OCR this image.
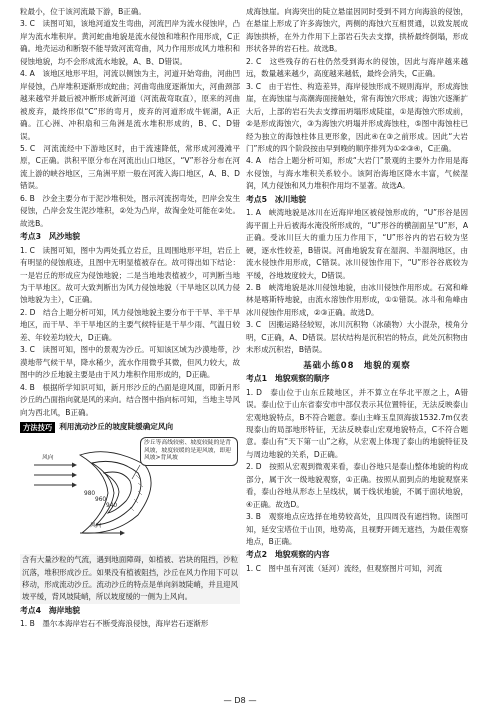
粒最小，位于该河流最下游，B正确。

3. C　读图可知，该地河道发生弯曲，河流凹岸为流水侵蚀岸，凸岸为流水堆积岸。黄河蛇曲地貌是流水侵蚀和堆积作用形成，C正确。地壳运动和断裂不能导致河流弯曲，风力作用形成风力堆积和侵蚀地貌，均不会形成流水地貌，A、B、D错误。

4. A　该地区地形平坦，河流以侧蚀为主，河道开始弯曲，河曲凹岸侵蚀，凸岸堆积逐渐形成蛇曲；河曲弯曲度逐渐加大，河曲颈部越来越窄并最后被冲断形成新河道（河流裁弯取直），原来的河曲被废弃，最终形似“C”形的弯月，废弃的河道形成牛轭湖，A正确。江心洲、冲积扇和三角洲是流水堆积形成的，B、C、D错误。

5. C　河流流经中下游地区时，由于流速降低，常形成河漫滩平原，C正确。洪积平原分布在河流出山口地区，“V”形谷分布在河流上游的峡谷地区，三角洲平原一般在河流入海口地区，A、B、D错误。

6. B　沙金主要分布于泥沙堆积处，图示河流拐弯处，凹岸会发生侵蚀，凸岸会发生泥沙堆积，②处为凸岸，故淘金处可能在②处。故选B。

考点3　风沙地貌

1. C　读图可知，图中为两处孤立岩丘，且周围地形平坦，岩丘上有明显的侵蚀痕迹，且图中无明显植被存在。故可得出如下结论：一是岩丘的形成应为侵蚀地貌；二是当地地表植被少，可判断当地为干旱地区。故可大致判断出为风力侵蚀地貌（干旱地区以风力侵蚀地貌为主），C正确。

2. D　结合上题分析可知，风力侵蚀地貌主要分布于干旱、半干旱地区，而干旱、半干旱地区的主要气候特征是干旱少雨、气温日较差、年较差均较大，D正确。

3. C　读图可知，图中的景观为沙丘。可知该区域为沙漠地带，沙漠地带气候干旱，降水稀少，流水作用微乎其微，但风力较大，故图中的沙丘地貌主要是由于风力堆积作用形成的，D正确。

4. B　根据所学知识可知，新月形沙丘的凸面是迎风面，即新月形沙丘的凸面指向就是风的来向。结合图中指向标可知，当地主导风向为西北风，B正确。

方法技巧 利用流动沙丘的坡度陡缓确定风向
沙丘等高线较密、坡度较陡的是背风坡，坡度较缓的是迎风坡，即迎风坡>背风坡
风向
风向
980
960
940

含有大量沙粒的气流，遇到地面障碍，如植被、岩块的阻挡，沙粒沉落，堆积形成沙丘。如果没有植被阻挡，沙丘在风力作用下可以移动，形成流动沙丘。流动沙丘的特点是单向斜坡陡峭，并且迎风坡平缓，背风坡陡峭，所以坡度缓的一侧为上风向。

考点4　海岸地貌

1. B　墨尔本海岸岩石不断受海浪侵蚀，海岸岩石逐渐形

成海蚀崖。向海突出的陡立悬崖因同时受到不同方向海浪的侵蚀，在悬崖上形成了许多海蚀穴，两侧的海蚀穴互相贯通，以致发展成海蚀拱桥，在外力作用下上部岩石失去支撑，拱桥最终倒塌，形成形状各异的岩石柱。故选B。

2. C　这些残存的石柱仍然受到海水的侵蚀，因此与海岸越来越远，数量越来越少，高度越来越低，最终会消失，C正确。

3. C　由于岩性、构造差异，海岸侵蚀形成不规则海岸，形成海蚀崖，在海蚀崖与高潮海面接触处，常有海蚀穴形成；海蚀穴逐渐扩大后，上部的岩石失去支撑而坍塌形成陡崖，①是海蚀穴形成前，②是形成海蚀穴，③为海蚀穴坍塌并形成海蚀柱，⑤图中海蚀柱已经为独立的海蚀柱体且更形象，因此④在③之前形成。因此“大岩门”形成的四个阶段按由早到晚的顺序排列为①②③④，C正确。

4. A　结合上题分析可知，形成“大岩门”景观的主要外力作用是海水侵蚀，与海水堆积关系较小。该阿治海地区降水丰富，气候湿润，风力侵蚀和风力堆积作用均不显著。故选A。

考点5　冰川地貌

1. A　峡湾地貌是冰川在近海岸地区被侵蚀形成的，“U”形谷是因海平面上升后被海水淹没所形成的，“U”形谷的横剖面呈“U”形，A正确。受冰川巨大的重力压力作用下，“U”形谷内的岩石较为坚硬，逐水性较差，B错误。河曲地貌发育在湿润、半湿润地区，由流水侵蚀作用形成，C错误。冰川侵蚀作用下，“U”形谷谷底较为平缓，谷地坡度较大，D错误。

2. B　峡湾地貌是冰川侵蚀地貌，由冰川侵蚀作用形成。石窝和峰林是喀斯特地貌，由流水溶蚀作用形成，①①错误。冰斗和角峰由冰川侵蚀作用形成，②③正确。故选D。

3. C　因搬运路径较短，冰川沉积物（冰碛物）大小混杂，棱角分明，C正确，A、D错误。层状结构是沉积岩的特点，此处沉积物由未形成沉积岩，B错误。

基础小练08　地貌的观察
考点1　地貌观察的顺序

1. D　泰山位于山东丘陵地区，并不算立在华北平原之上，A错误。泰山位于山东省泰安市中部仅表示其位置特征，无法反映泰山宏观地貌特点，B不符合题意。泰山主峰玉皇顶海拔1532.7m仅表现泰山的局部地形特征，无法反映泰山宏观地貌特点，C不符合题意。泰山有“天下第一山”之称，从宏观上体现了泰山的地貌特征及与周边地貌的关系，D正确。

2. D　按照从宏观到微观来看，泰山谷地只是泰山整体地貌的构成部分，属于次一级地貌观察，①正确。按照从面到点的地貌观察来看，泰山谷地从形态上呈线状，属于线状地貌，不属于面状地貌，④正确。故选D。

3. B　观察地点应选择在地势较高处，且四周没有遮挡物。读图可知，延安宝塔位于山顶，地势高，且视野开阔无遮挡，为最佳观察地点，B正确。

考点2　地貌观察的内容

1. C　图中虽有河流（延河）流经，但观察图片可知，河流

— D8 —
